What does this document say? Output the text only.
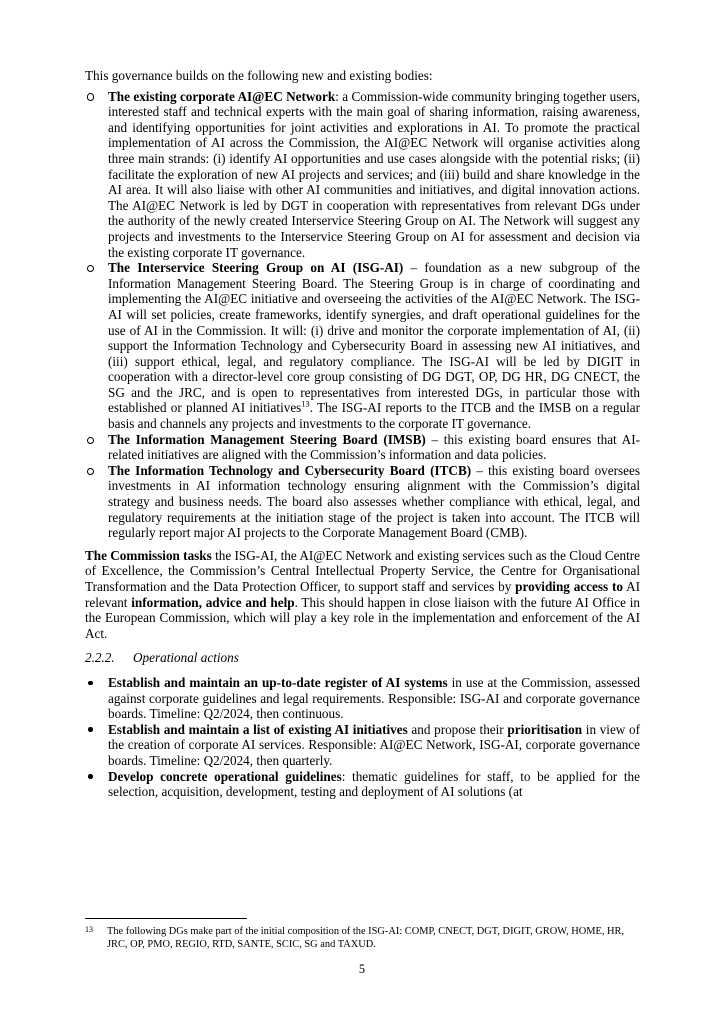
This governance builds on the following new and existing bodies:

The existing corporate AI@EC Network: a Commission-wide community bringing together users, interested staff and technical experts with the main goal of sharing information, raising awareness, and identifying opportunities for joint activities and explorations in AI. To promote the practical implementation of AI across the Commission, the AI@EC Network will organise activities along three main strands: (i) identify AI opportunities and use cases alongside with the potential risks; (ii) facilitate the exploration of new AI projects and services; and (iii) build and share knowledge in the AI area. It will also liaise with other AI communities and initiatives, and digital innovation actions. The AI@EC Network is led by DGT in cooperation with representatives from relevant DGs under the authority of the newly created Interservice Steering Group on AI. The Network will suggest any projects and investments to the Interservice Steering Group on AI for assessment and decision via the existing corporate IT governance.
The Interservice Steering Group on AI (ISG-AI) – foundation as a new subgroup of the Information Management Steering Board. The Steering Group is in charge of coordinating and implementing the AI@EC initiative and overseeing the activities of the AI@EC Network. The ISG-AI will set policies, create frameworks, identify synergies, and draft operational guidelines for the use of AI in the Commission. It will: (i) drive and monitor the corporate implementation of AI, (ii) support the Information Technology and Cybersecurity Board in assessing new AI initiatives, and (iii) support ethical, legal, and regulatory compliance. The ISG-AI will be led by DIGIT in cooperation with a director-level core group consisting of DG DGT, OP, DG HR, DG CNECT, the SG and the JRC, and is open to representatives from interested DGs, in particular those with established or planned AI initiatives$^{13}$. The ISG-AI reports to the ITCB and the IMSB on a regular basis and channels any projects and investments to the corporate IT governance.
The Information Management Steering Board (IMSB) – this existing board ensures that AI-related initiatives are aligned with the Commission’s information and data policies.
The Information Technology and Cybersecurity Board (ITCB) – this existing board oversees investments in AI information technology ensuring alignment with the Commission’s digital strategy and business needs. The board also assesses whether compliance with ethical, legal, and regulatory requirements at the initiation stage of the project is taken into account. The ITCB will regularly report major AI projects to the Corporate Management Board (CMB).

The Commission tasks the ISG-AI, the AI@EC Network and existing services such as the Cloud Centre of Excellence, the Commission’s Central Intellectual Property Service, the Centre for Organisational Transformation and the Data Protection Officer, to support staff and services by providing access to AI relevant information, advice and help. This should happen in close liaison with the future AI Office in the European Commission, which will play a key role in the implementation and enforcement of the AI Act.

2.2.2. Operational actions
Establish and maintain an up-to-date register of AI systems in use at the Commission, assessed against corporate guidelines and legal requirements. Responsible: ISG-AI and corporate governance boards. Timeline: Q2/2024, then continuous.
Establish and maintain a list of existing AI initiatives and propose their prioritisation in view of the creation of corporate AI services. Responsible: AI@EC Network, ISG-AI, corporate governance boards. Timeline: Q2/2024, then quarterly.
Develop concrete operational guidelines: thematic guidelines for staff, to be applied for the selection, acquisition, development, testing and deployment of AI solutions (at
13 The following DGs make part of the initial composition of the ISG-AI: COMP, CNECT, DGT, DIGIT, GROW, HOME, HR, JRC, OP, PMO, REGIO, RTD, SANTE, SCIC, SG and TAXUD.
5
